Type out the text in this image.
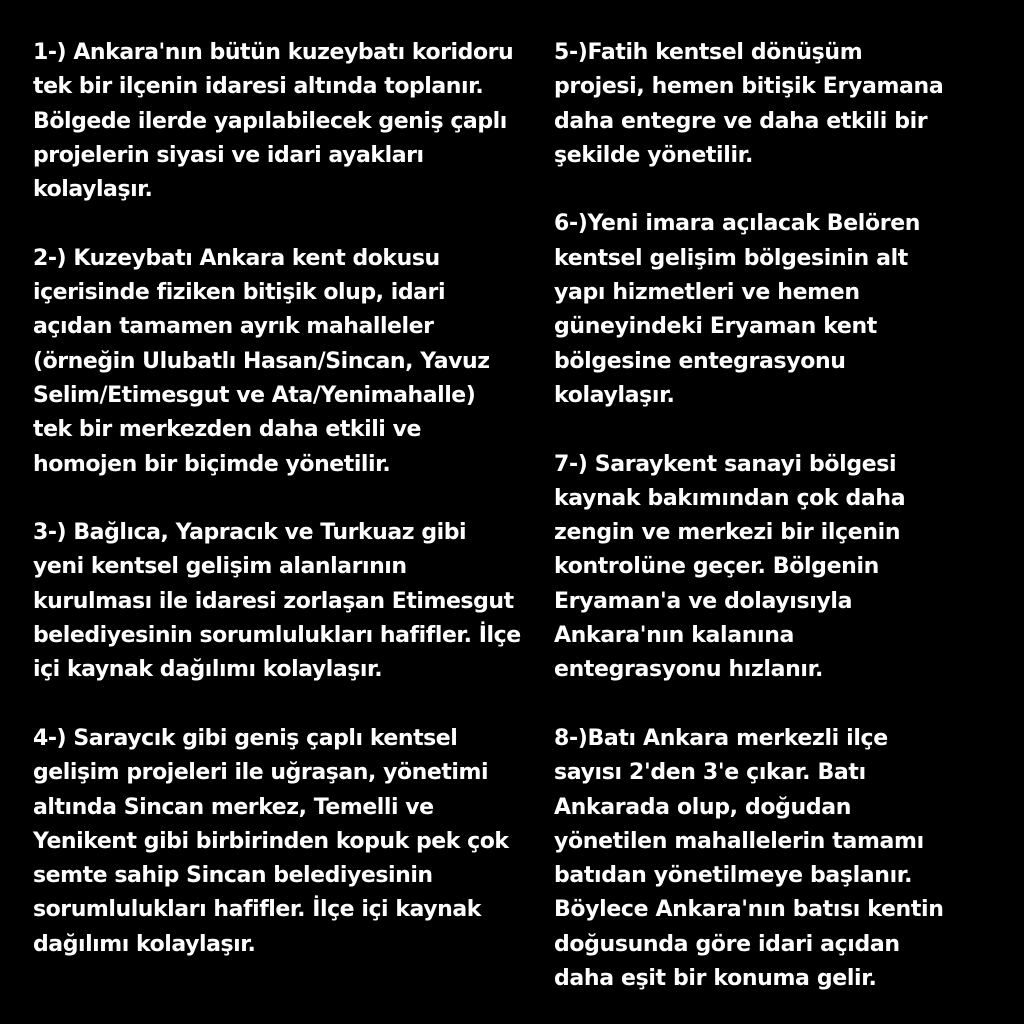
1-) Ankara'nın bütün kuzeybatı koridoru
tek bir ilçenin idaresi altında toplanır.
Bölgede ilerde yapılabilecek geniş çaplı
projelerin siyasi ve idari ayakları
kolaylaşır.

2-) Kuzeybatı Ankara kent dokusu
içerisinde fiziken bitişik olup, idari
açıdan tamamen ayrık mahalleler
(örneğin Ulubatlı Hasan/Sincan, Yavuz
Selim/Etimesgut ve Ata/Yenimahalle)
tek bir merkezden daha etkili ve
homojen bir biçimde yönetilir.

3-) Bağlıca, Yapracık ve Turkuaz gibi
yeni kentsel gelişim alanlarının
kurulması ile idaresi zorlaşan Etimesgut
belediyesinin sorumlulukları hafifler. İlçe
içi kaynak dağılımı kolaylaşır.

4-) Saraycık gibi geniş çaplı kentsel
gelişim projeleri ile uğraşan, yönetimi
altında Sincan merkez, Temelli ve
Yenikent gibi birbirinden kopuk pek çok
semte sahip Sincan belediyesinin
sorumlulukları hafifler. İlçe içi kaynak
dağılımı kolaylaşır.

5-)Fatih kentsel dönüşüm
projesi, hemen bitişik Eryamana
daha entegre ve daha etkili bir
şekilde yönetilir.

6-)Yeni imara açılacak Belören
kentsel gelişim bölgesinin alt
yapı hizmetleri ve hemen
güneyindeki Eryaman kent
bölgesine entegrasyonu
kolaylaşır.

7-) Saraykent sanayi bölgesi
kaynak bakımından çok daha
zengin ve merkezi bir ilçenin
kontrolüne geçer. Bölgenin
Eryaman'a ve dolayısıyla
Ankara'nın kalanına
entegrasyonu hızlanır.

8-)Batı Ankara merkezli ilçe
sayısı 2'den 3'e çıkar. Batı
Ankarada olup, doğudan
yönetilen mahallelerin tamamı
batıdan yönetilmeye başlanır.
Böylece Ankara'nın batısı kentin
doğusunda göre idari açıdan
daha eşit bir konuma gelir.
